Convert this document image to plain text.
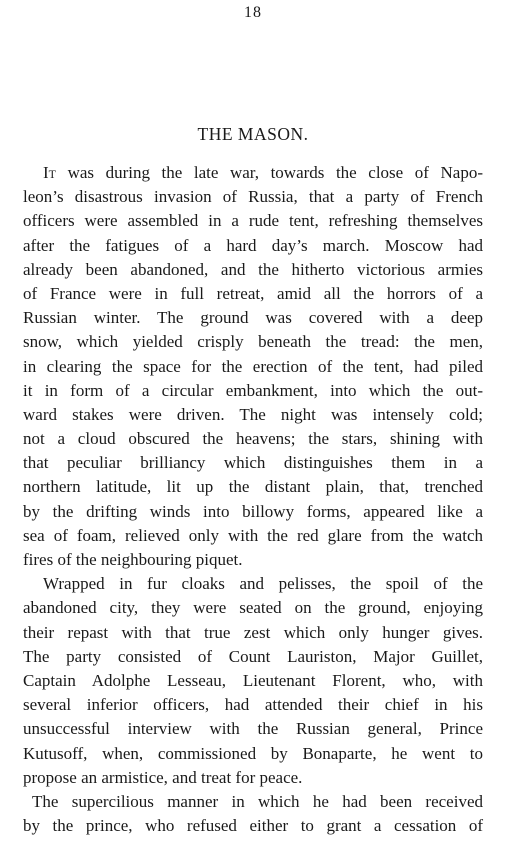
18
THE MASON.
It was during the late war, towards the close of Napo-
leon’s disastrous invasion of Russia, that a party of French
officers were assembled in a rude tent, refreshing themselves
after the fatigues of a hard day’s march. Moscow had
already been abandoned, and the hitherto victorious armies
of France were in full retreat, amid all the horrors of a
Russian winter. The ground was covered with a deep
snow, which yielded crisply beneath the tread: the men,
in clearing the space for the erection of the tent, had piled
it in form of a circular embankment, into which the out-
ward stakes were driven. The night was intensely cold;
not a cloud obscured the heavens; the stars, shining with
that peculiar brilliancy which distinguishes them in a
northern latitude, lit up the distant plain, that, trenched
by the drifting winds into billowy forms, appeared like a
sea of foam, relieved only with the red glare from the watch
fires of the neighbouring piquet.
Wrapped in fur cloaks and pelisses, the spoil of the
abandoned city, they were seated on the ground, enjoying
their repast with that true zest which only hunger gives.
The party consisted of Count Lauriston, Major Guillet,
Captain Adolphe Lesseau, Lieutenant Florent, who, with
several inferior officers, had attended their chief in his
unsuccessful interview with the Russian general, Prince
Kutusoff, when, commissioned by Bonaparte, he went to
propose an armistice, and treat for peace.
The supercilious manner in which he had been received
by the prince, who refused either to grant a cessation of
